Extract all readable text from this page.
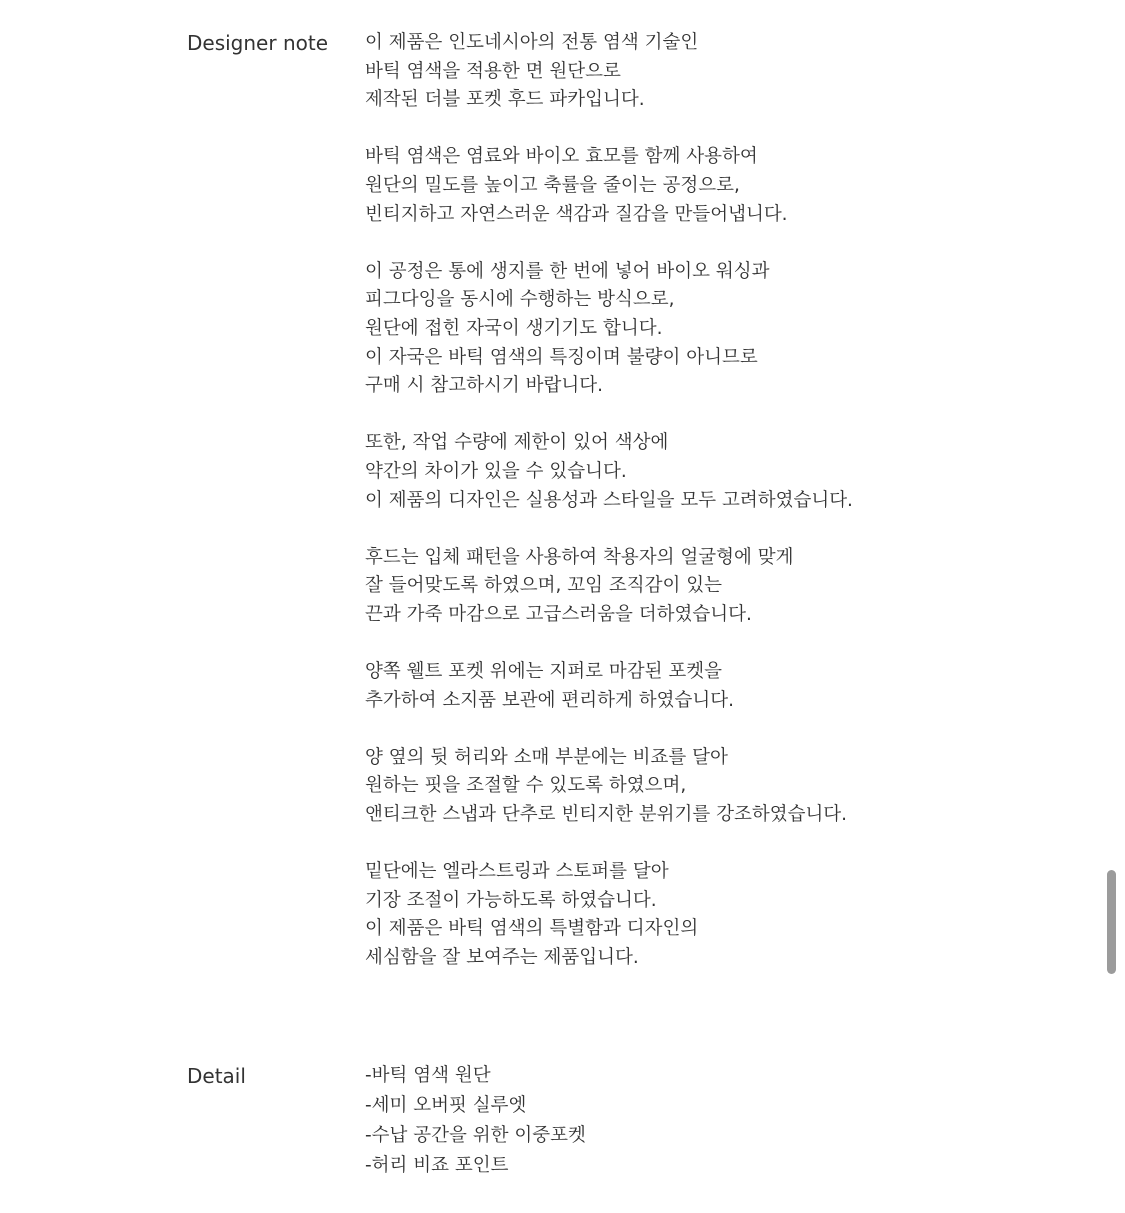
Designer note 이 제품은 인도네시아의 전통 염색 기술인
바틱 염색을 적용한 면 원단으로
제작된 더블 포켓 후드 파카입니다.
바틱 염색은 염료와 바이오 효모를 함께 사용하여
원단의 밀도를 높이고 축률을 줄이는 공정으로,
빈티지하고 자연스러운 색감과 질감을 만들어냅니다.
이 공정은 통에 생지를 한 번에 넣어 바이오 워싱과
피그다잉을 동시에 수행하는 방식으로,
원단에 접힌 자국이 생기기도 합니다.
이 자국은 바틱 염색의 특징이며 불량이 아니므로
구매 시 참고하시기 바랍니다.
또한, 작업 수량에 제한이 있어 색상에
약간의 차이가 있을 수 있습니다.
이 제품의 디자인은 실용성과 스타일을 모두 고려하였습니다.
후드는 입체 패턴을 사용하여 착용자의 얼굴형에 맞게
잘 들어맞도록 하였으며, 꼬임 조직감이 있는
끈과 가죽 마감으로 고급스러움을 더하였습니다.
양쪽 웰트 포켓 위에는 지퍼로 마감된 포켓을
추가하여 소지품 보관에 편리하게 하였습니다.
양 옆의 뒷 허리와 소매 부분에는 비죠를 달아
원하는 핏을 조절할 수 있도록 하였으며,
앤티크한 스냅과 단추로 빈티지한 분위기를 강조하였습니다.
밑단에는 엘라스트링과 스토퍼를 달아
기장 조절이 가능하도록 하였습니다.
이 제품은 바틱 염색의 특별함과 디자인의
세심함을 잘 보여주는 제품입니다.
Detail	-바틱 염색 원단
-세미 오버핏 실루엣
-수납 공간을 위한 이중포켓
-허리 비죠 포인트
